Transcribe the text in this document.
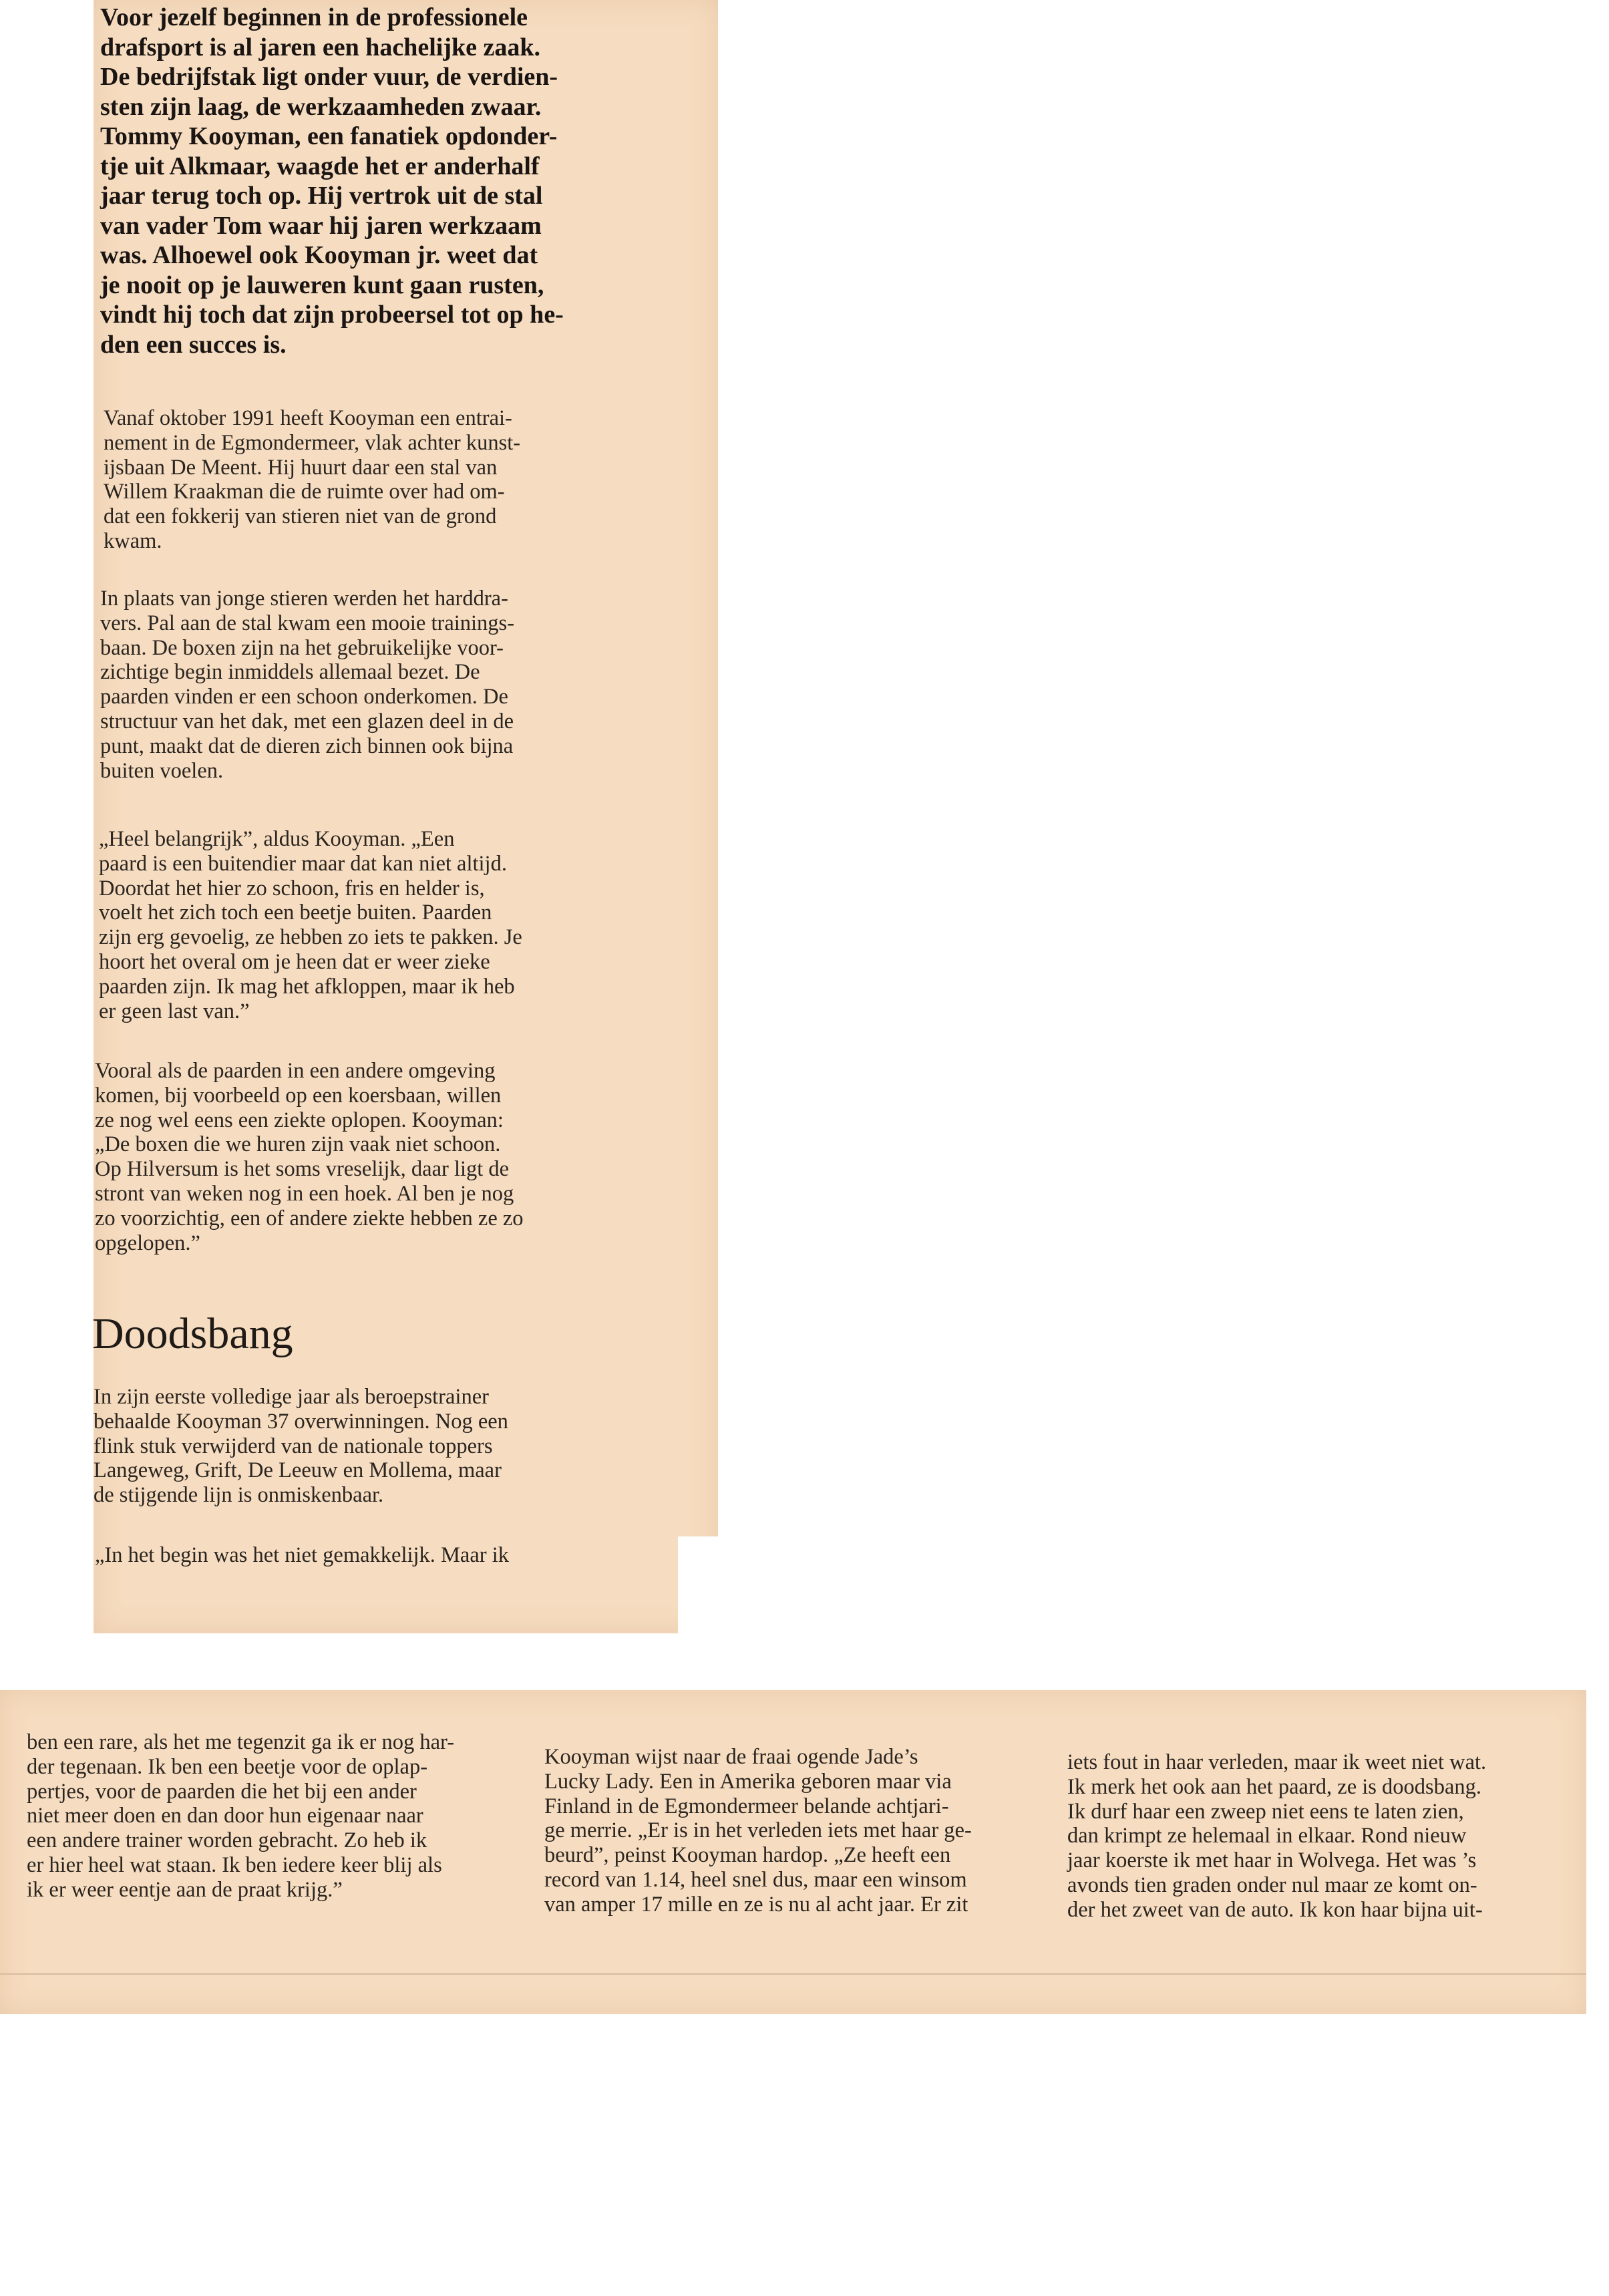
Voor jezelf beginnen in de professionele
drafsport is al jaren een hachelijke zaak.
De bedrijfstak ligt onder vuur, de verdien-
sten zijn laag, de werkzaamheden zwaar.
Tommy Kooyman, een fanatiek opdonder-
tje uit Alkmaar, waagde het er anderhalf
jaar terug toch op. Hij vertrok uit de stal
van vader Tom waar hij jaren werkzaam
was. Alhoewel ook Kooyman jr. weet dat
je nooit op je lauweren kunt gaan rusten,
vindt hij toch dat zijn probeersel tot op he-
den een succes is.
Vanaf oktober 1991 heeft Kooyman een entrai-
nement in de Egmondermeer, vlak achter kunst-
ijsbaan De Meent. Hij huurt daar een stal van
Willem Kraakman die de ruimte over had om-
dat een fokkerij van stieren niet van de grond
kwam.
In plaats van jonge stieren werden het harddra-
vers. Pal aan de stal kwam een mooie trainings-
baan. De boxen zijn na het gebruikelijke voor-
zichtige begin inmiddels allemaal bezet. De
paarden vinden er een schoon onderkomen. De
structuur van het dak, met een glazen deel in de
punt, maakt dat de dieren zich binnen ook bijna
buiten voelen.
„Heel belangrijk”, aldus Kooyman. „Een
paard is een buitendier maar dat kan niet altijd.
Doordat het hier zo schoon, fris en helder is,
voelt het zich toch een beetje buiten. Paarden
zijn erg gevoelig, ze hebben zo iets te pakken. Je
hoort het overal om je heen dat er weer zieke
paarden zijn. Ik mag het afkloppen, maar ik heb
er geen last van.”
Vooral als de paarden in een andere omgeving
komen, bij voorbeeld op een koersbaan, willen
ze nog wel eens een ziekte oplopen. Kooyman:
„De boxen die we huren zijn vaak niet schoon.
Op Hilversum is het soms vreselijk, daar ligt de
stront van weken nog in een hoek. Al ben je nog
zo voorzichtig, een of andere ziekte hebben ze zo
opgelopen.”
Doodsbang
In zijn eerste volledige jaar als beroepstrainer
behaalde Kooyman 37 overwinningen. Nog een
flink stuk verwijderd van de nationale toppers
Langeweg, Grift, De Leeuw en Mollema, maar
de stijgende lijn is onmiskenbaar.
„In het begin was het niet gemakkelijk. Maar ik
ben een rare, als het me tegenzit ga ik er nog har-
der tegenaan. Ik ben een beetje voor de oplap-
pertjes, voor de paarden die het bij een ander
niet meer doen en dan door hun eigenaar naar
een andere trainer worden gebracht. Zo heb ik
er hier heel wat staan. Ik ben iedere keer blij als
ik er weer eentje aan de praat krijg.”
Kooyman wijst naar de fraai ogende Jade’s
Lucky Lady. Een in Amerika geboren maar via
Finland in de Egmondermeer belande achtjari-
ge merrie. „Er is in het verleden iets met haar ge-
beurd”, peinst Kooyman hardop. „Ze heeft een
record van 1.14, heel snel dus, maar een winsom
van amper 17 mille en ze is nu al acht jaar. Er zit
iets fout in haar verleden, maar ik weet niet wat.
Ik merk het ook aan het paard, ze is doodsbang.
Ik durf haar een zweep niet eens te laten zien,
dan krimpt ze helemaal in elkaar. Rond nieuw
jaar koerste ik met haar in Wolvega. Het was ’s
avonds tien graden onder nul maar ze komt on-
der het zweet van de auto. Ik kon haar bijna uit-
